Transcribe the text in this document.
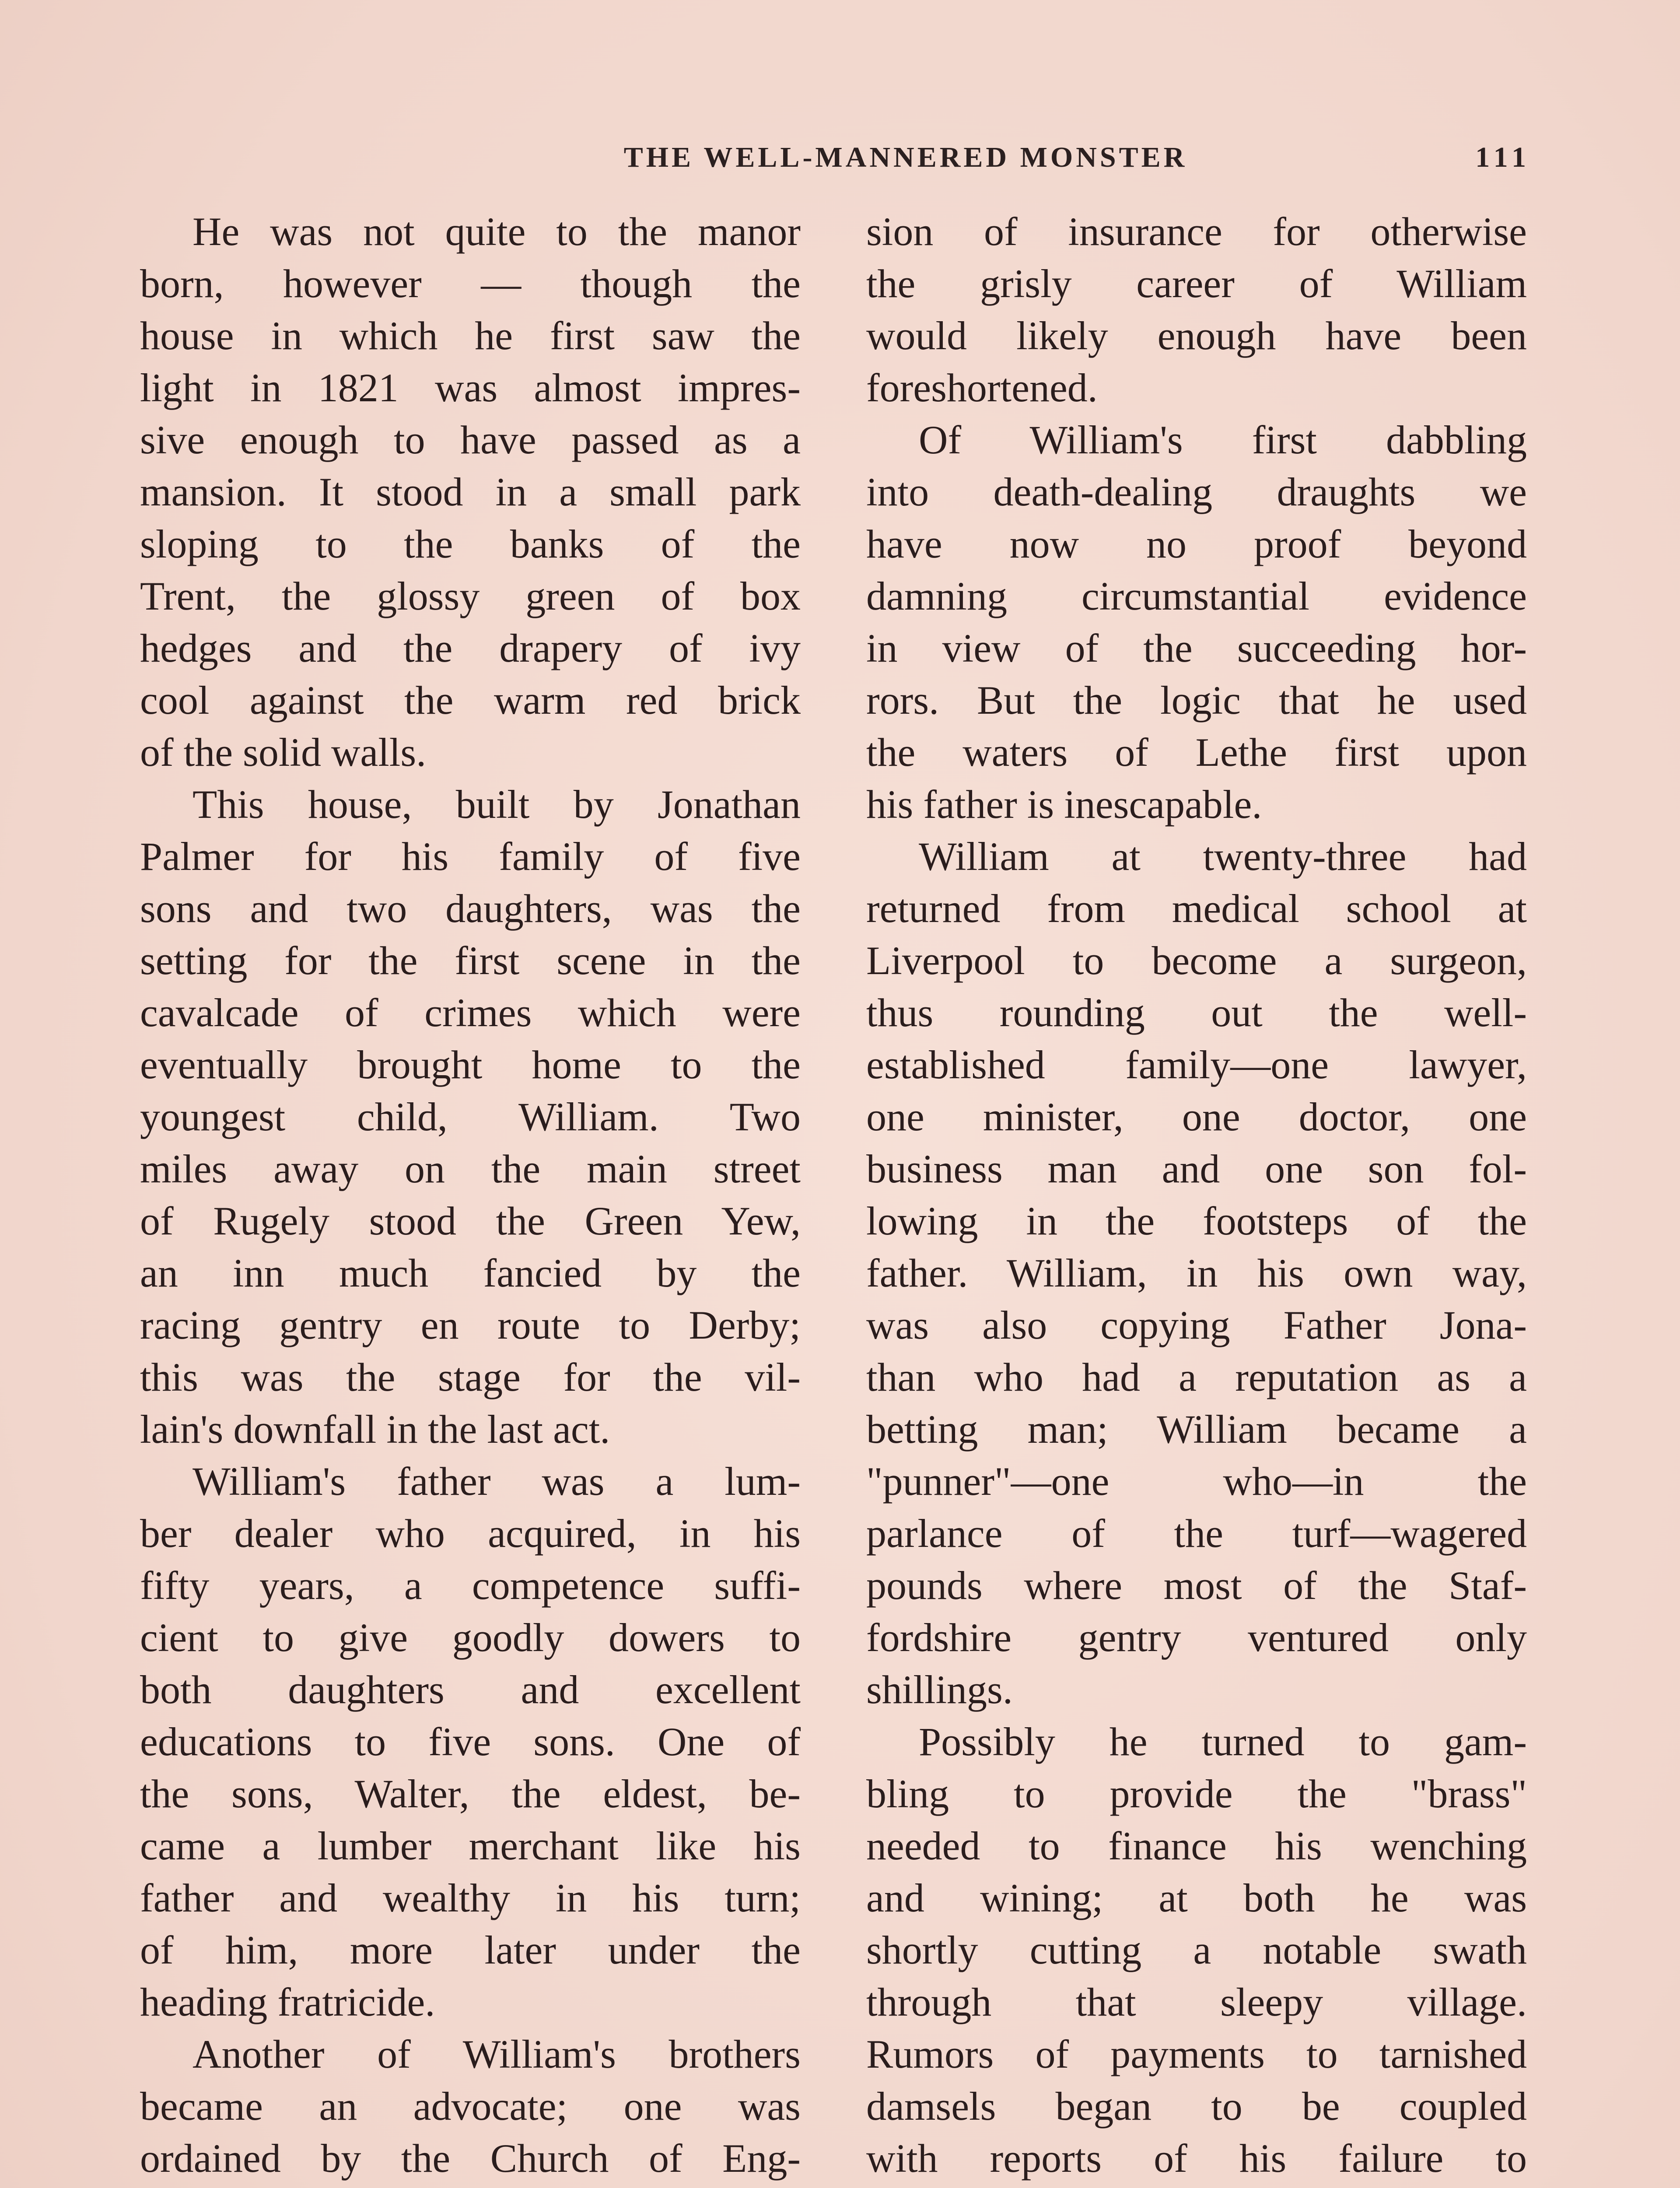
THE WELL-MANNERED MONSTER	111
He was not quite to the manor
born, however — though the
house in which he first saw the
light in 1821 was almost impres-
sive enough to have passed as a
mansion. It stood in a small park
sloping to the banks of the
Trent, the glossy green of box
hedges and the drapery of ivy
cool against the warm red brick
of the solid walls.
This house, built by Jonathan
Palmer for his family of five
sons and two daughters, was the
setting for the first scene in the
cavalcade of crimes which were
eventually brought home to the
youngest child, William. Two
miles away on the main street
of Rugely stood the Green Yew,
an inn much fancied by the
racing gentry en route to Derby;
this was the stage for the vil-
lain's downfall in the last act.
William's father was a lum-
ber dealer who acquired, in his
fifty years, a competence suffi-
cient to give goodly dowers to
both daughters and excellent
educations to five sons. One of
the sons, Walter, the eldest, be-
came a lumber merchant like his
father and wealthy in his turn;
of him, more later under the
heading fratricide.
Another of William's brothers
became an advocate; one was
ordained by the Church of Eng-
sion of insurance for otherwise
the grisly career of William
would likely enough have been
foreshortened.
Of William's first dabbling
into death-dealing draughts we
have now no proof beyond
damning circumstantial evidence
in view of the succeeding hor-
rors. But the logic that he used
the waters of Lethe first upon
his father is inescapable.
William at twenty-three had
returned from medical school at
Liverpool to become a surgeon,
thus rounding out the well-
established family—one lawyer,
one minister, one doctor, one
business man and one son fol-
lowing in the footsteps of the
father. William, in his own way,
was also copying Father Jona-
than who had a reputation as a
betting man; William became a
"punner"—one who—in the
parlance of the turf—wagered
pounds where most of the Staf-
fordshire gentry ventured only
shillings.
Possibly he turned to gam-
bling to provide the "brass"
needed to finance his wenching
and wining; at both he was
shortly cutting a notable swath
through that sleepy village.
Rumors of payments to tarnished
damsels began to be coupled
with reports of his failure to
